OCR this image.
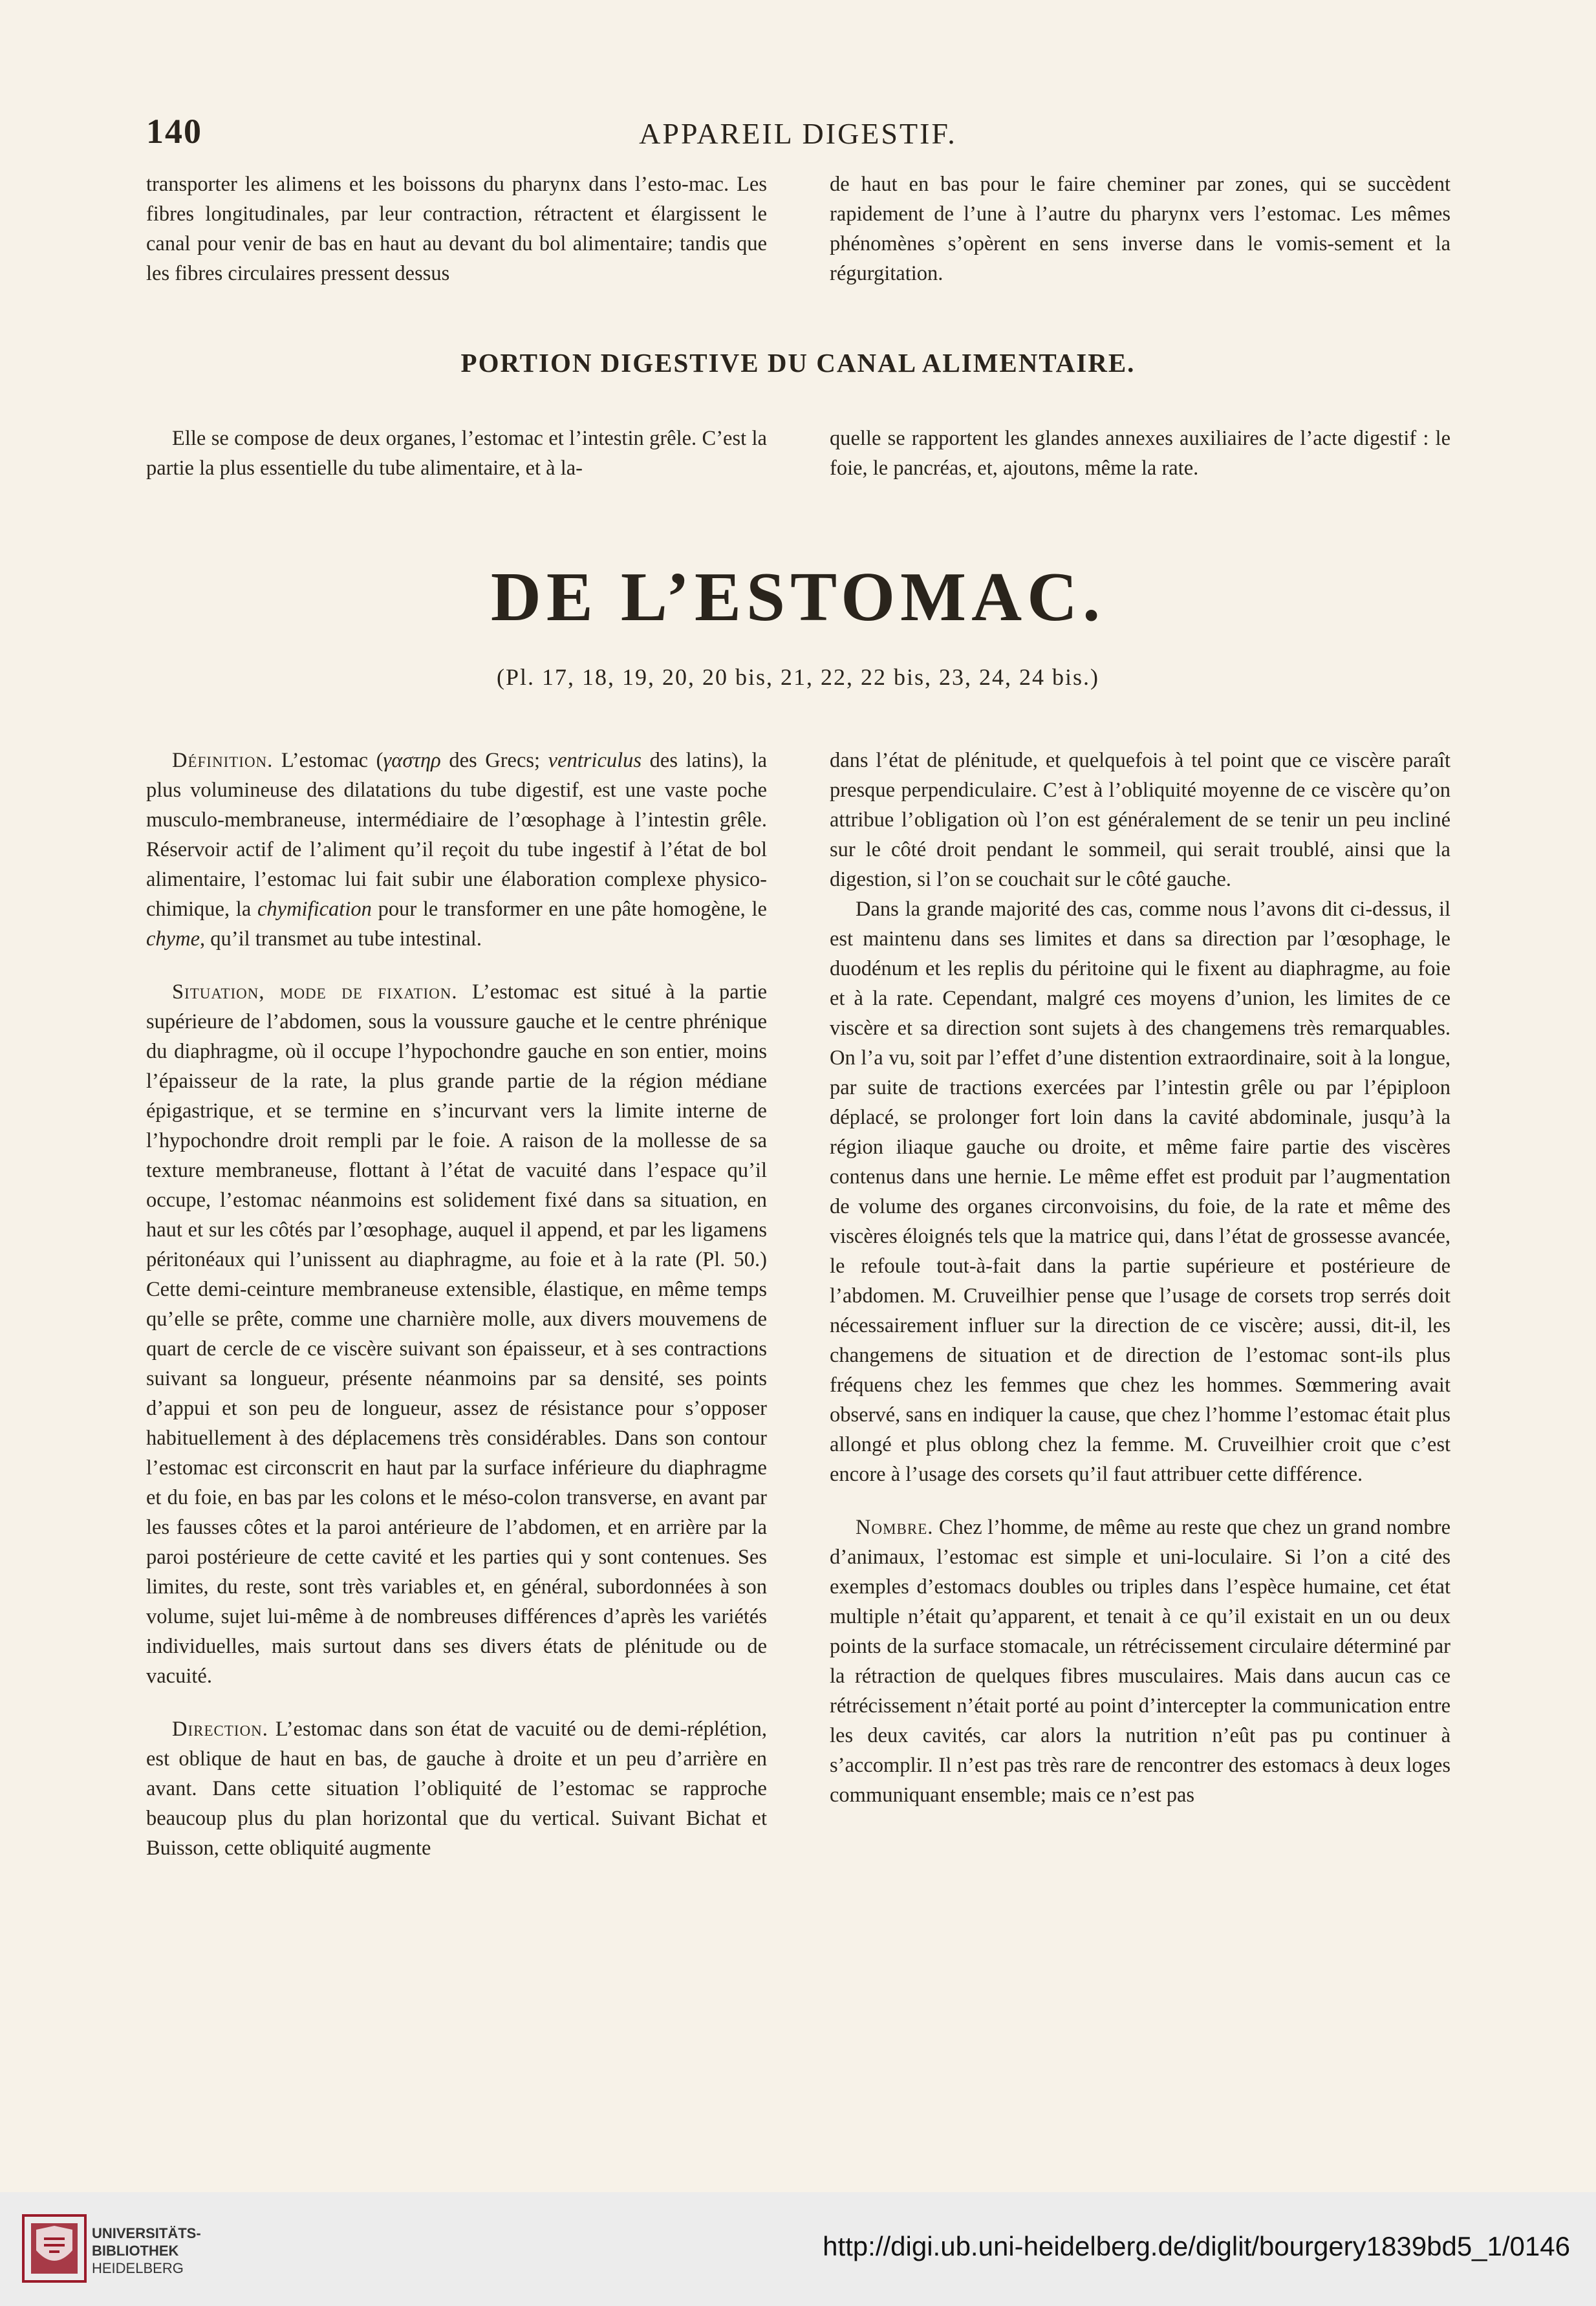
140	APPAREIL DIGESTIF.

transporter les alimens et les boissons du pharynx dans l’esto-mac. Les fibres longitudinales, par leur contraction, rétractent et élargissent le canal pour venir de bas en haut au devant du bol alimentaire; tandis que les fibres circulaires pressent dessus

de haut en bas pour le faire cheminer par zones, qui se succèdent rapidement de l’une à l’autre du pharynx vers l’estomac. Les mêmes phénomènes s’opèrent en sens inverse dans le vomis-sement et la régurgitation.

PORTION DIGESTIVE DU CANAL ALIMENTAIRE.

Elle se compose de deux organes, l’estomac et l’intestin grêle. C’est la partie la plus essentielle du tube alimentaire, et à la-

quelle se rapportent les glandes annexes auxiliaires de l’acte digestif : le foie, le pancréas, et, ajoutons, même la rate.

DE L’ESTOMAC.
(Pl. 17, 18, 19, 20, 20 bis, 21, 22, 22 bis, 23, 24, 24 bis.)

Définition. L’estomac (γαστηρ des Grecs; ventriculus des latins), la plus volumineuse des dilatations du tube digestif, est une vaste poche musculo-membraneuse, intermédiaire de l’œsophage à l’intestin grêle. Réservoir actif de l’aliment qu’il reçoit du tube ingestif à l’état de bol alimentaire, l’estomac lui fait subir une élaboration complexe physico-chimique, la chymification pour le transformer en une pâte homogène, le chyme, qu’il transmet au tube intestinal.

Situation, mode de fixation. L’estomac est situé à la partie supérieure de l’abdomen, sous la voussure gauche et le centre phrénique du diaphragme, où il occupe l’hypochondre gauche en son entier, moins l’épaisseur de la rate, la plus grande partie de la région médiane épigastrique, et se termine en s’incurvant vers la limite interne de l’hypochondre droit rempli par le foie. A raison de la mollesse de sa texture membraneuse, flottant à l’état de vacuité dans l’espace qu’il occupe, l’estomac néanmoins est solidement fixé dans sa situation, en haut et sur les côtés par l’œsophage, auquel il append, et par les ligamens péritonéaux qui l’unissent au diaphragme, au foie et à la rate (Pl. 50.) Cette demi-ceinture membraneuse extensible, élastique, en même temps qu’elle se prête, comme une charnière molle, aux divers mouvemens de quart de cercle de ce viscère suivant son épaisseur, et à ses contractions suivant sa longueur, présente néanmoins par sa densité, ses points d’appui et son peu de longueur, assez de résistance pour s’opposer habituellement à des déplacemens très considérables. Dans son contour l’estomac est circonscrit en haut par la surface inférieure du diaphragme et du foie, en bas par les colons et le méso-colon transverse, en avant par les fausses côtes et la paroi antérieure de l’abdomen, et en arrière par la paroi postérieure de cette cavité et les parties qui y sont contenues. Ses limites, du reste, sont très variables et, en général, subordonnées à son volume, sujet lui-même à de nombreuses différences d’après les variétés individuelles, mais surtout dans ses divers états de plénitude ou de vacuité.

Direction. L’estomac dans son état de vacuité ou de demi-réplétion, est oblique de haut en bas, de gauche à droite et un peu d’arrière en avant. Dans cette situation l’obliquité de l’estomac se rapproche beaucoup plus du plan horizontal que du vertical. Suivant Bichat et Buisson, cette obliquité augmente

dans l’état de plénitude, et quelquefois à tel point que ce viscère paraît presque perpendiculaire. C’est à l’obliquité moyenne de ce viscère qu’on attribue l’obligation où l’on est généralement de se tenir un peu incliné sur le côté droit pendant le sommeil, qui serait troublé, ainsi que la digestion, si l’on se couchait sur le côté gauche.

Dans la grande majorité des cas, comme nous l’avons dit ci-dessus, il est maintenu dans ses limites et dans sa direction par l’œsophage, le duodénum et les replis du péritoine qui le fixent au diaphragme, au foie et à la rate. Cependant, malgré ces moyens d’union, les limites de ce viscère et sa direction sont sujets à des changemens très remarquables. On l’a vu, soit par l’effet d’une distention extraordinaire, soit à la longue, par suite de tractions exercées par l’intestin grêle ou par l’épiploon déplacé, se prolonger fort loin dans la cavité abdominale, jusqu’à la région iliaque gauche ou droite, et même faire partie des viscères contenus dans une hernie. Le même effet est produit par l’augmentation de volume des organes circonvoisins, du foie, de la rate et même des viscères éloignés tels que la matrice qui, dans l’état de grossesse avancée, le refoule tout-à-fait dans la partie supérieure et postérieure de l’abdomen. M. Cruveilhier pense que l’usage de corsets trop serrés doit nécessairement influer sur la direction de ce viscère; aussi, dit-il, les changemens de situation et de direction de l’estomac sont-ils plus fréquens chez les femmes que chez les hommes. Sœmmering avait observé, sans en indiquer la cause, que chez l’homme l’estomac était plus allongé et plus oblong chez la femme. M. Cruveilhier croit que c’est encore à l’usage des corsets qu’il faut attribuer cette différence.

Nombre. Chez l’homme, de même au reste que chez un grand nombre d’animaux, l’estomac est simple et uni-loculaire. Si l’on a cité des exemples d’estomacs doubles ou triples dans l’espèce humaine, cet état multiple n’était qu’apparent, et tenait à ce qu’il existait en un ou deux points de la surface stomacale, un rétrécissement circulaire déterminé par la rétraction de quelques fibres musculaires. Mais dans aucun cas ce rétrécissement n’était porté au point d’intercepter la communication entre les deux cavités, car alors la nutrition n’eût pas pu continuer à s’accomplir. Il n’est pas très rare de rencontrer des estomacs à deux loges communiquant ensemble; mais ce n’est pas

UNIVERSITÄTS-
BIBLIOTHEK
HEIDELBERG
http://digi.ub.uni-heidelberg.de/diglit/bourgery1839bd5_1/0146
